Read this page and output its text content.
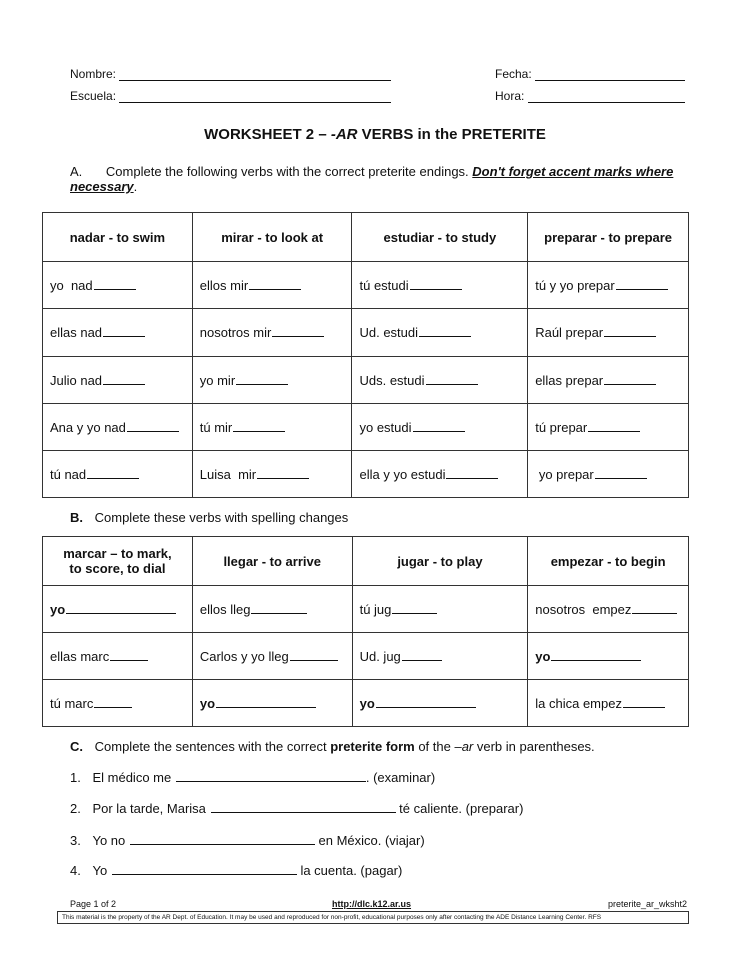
Nombre:
Escuela:
Fecha:
Hora:
WORKSHEET 2 – -AR VERBS in the PRETERITE
A. Complete the following verbs with the correct preterite endings. Don't forget accent marks where necessary.
nadar - to swim	mirar - to look at	estudiar - to study	preparar - to prepare
yo  nad	ellos mir	tú estudi	tú y yo prepar
ellas nad	nosotros mir	Ud. estudi	Raúl prepar
Julio nad	yo mir	Uds. estudi	ellas prepar
Ana y yo nad	tú mir	yo estudi	tú prepar
tú nad	Luisa  mir	ella y yo estudi	yo prepar
B. Complete these verbs with spelling changes
marcar – to mark,
to score, to dial	llegar - to arrive	jugar - to play	empezar - to begin
yo	ellos lleg	tú jug	nosotros  empez
ellas marc	Carlos y yo lleg	Ud. jug	yo
tú marc	yo	yo	la chica empez
C. Complete the sentences with the correct preterite form of the –ar verb in parentheses.
1. El médico me	. (examinar)
2. Por la tarde, Marisa	té caliente. (preparar)
3. Yo no	en México. (viajar)
4. Yo	la cuenta. (pagar)
Page 1 of 2	http://dlc.k12.ar.us	preterite_ar_wksht2
This material is the property of the AR Dept. of Education. It may be used and reproduced for non-profit, educational purposes only after contacting the ADE Distance Learning Center. RFS
